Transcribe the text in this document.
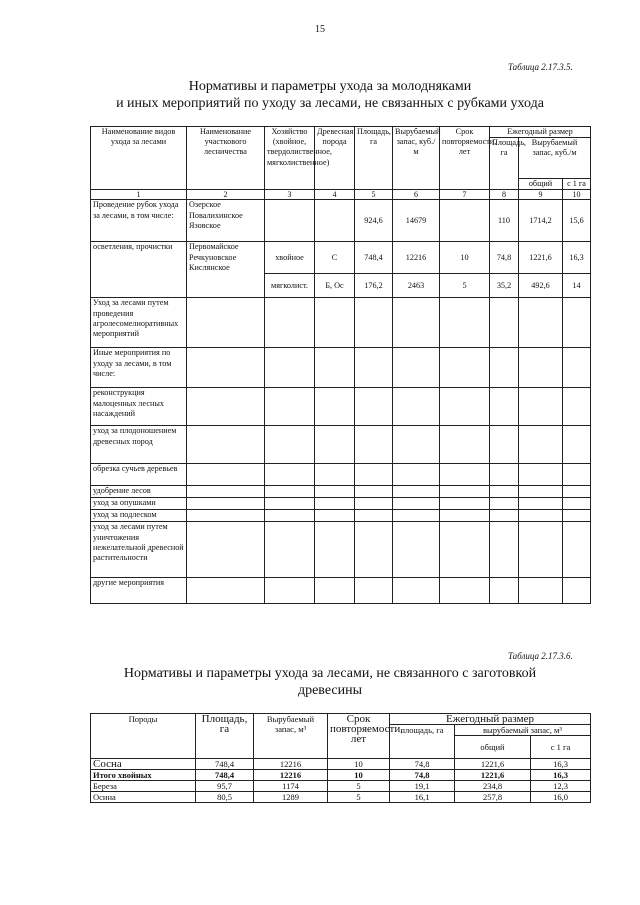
15
Таблица 2.17.3.5.
Нормативы и параметры ухода за молодняками
и иных мероприятий по уходу за лесами, не связанных с рубками ухода
Наименование видов ухода за лесами	Наименование участкового лесничества	Хозяйство (хвойное, твердолиственное, мягколиственное)	Древесная порода	Площадь, га	Вырубаемый запас, куб./м	Срок повторяемости, лет	Ежегодный размер		
							Площадь, га	Вырубаемый запас, куб./м	
								общий	с 1 га
1	2	3	4	5	6	7	8	9	10
Проведение рубок ухода за лесами, в том числе:	Озерское Повалихинское Язовское			924,6	14679		110	1714,2	15,6
осветления, прочистки	Первомайское Речкуновское Кислянское	хвойное	С	748,4	12216	10	74,8	1221,6	16,3
		мягколист.	Б, Ос	176,2	2463	5	35,2	492,6	14
Уход за лесами путем проведения агролесомелиоративных мероприятий									
Иные мероприятия по уходу за лесами, в том числе:									
реконструкция малоценных лесных насаждений									
уход за плодоношением древесных пород									
обрезка сучьев деревьев									
удобрение лесов									
уход за опушками									
уход за подлеском									
уход за лесами путем уничтожения нежелательной древесной растительности									
другие мероприятия									
Таблица 2.17.3.6.
Нормативы и параметры ухода за лесами, не связанного с заготовкой
древесины
Породы	Площадь, га	Вырубаемый запас, м³	Срок повторяемости, лет	Ежегодный размер		
				площадь, га	вырубаемый запас, м³	
					общий	с 1 га
Сосна	748,4	12216	10	74,8	1221,6	16,3
Итого хвойных	748,4	12216	10	74,8	1221,6	16,3
Береза	95,7	1174	5	19,1	234,8	12,3
Осина	80,5	1289	5	16,1	257,8	16,0
